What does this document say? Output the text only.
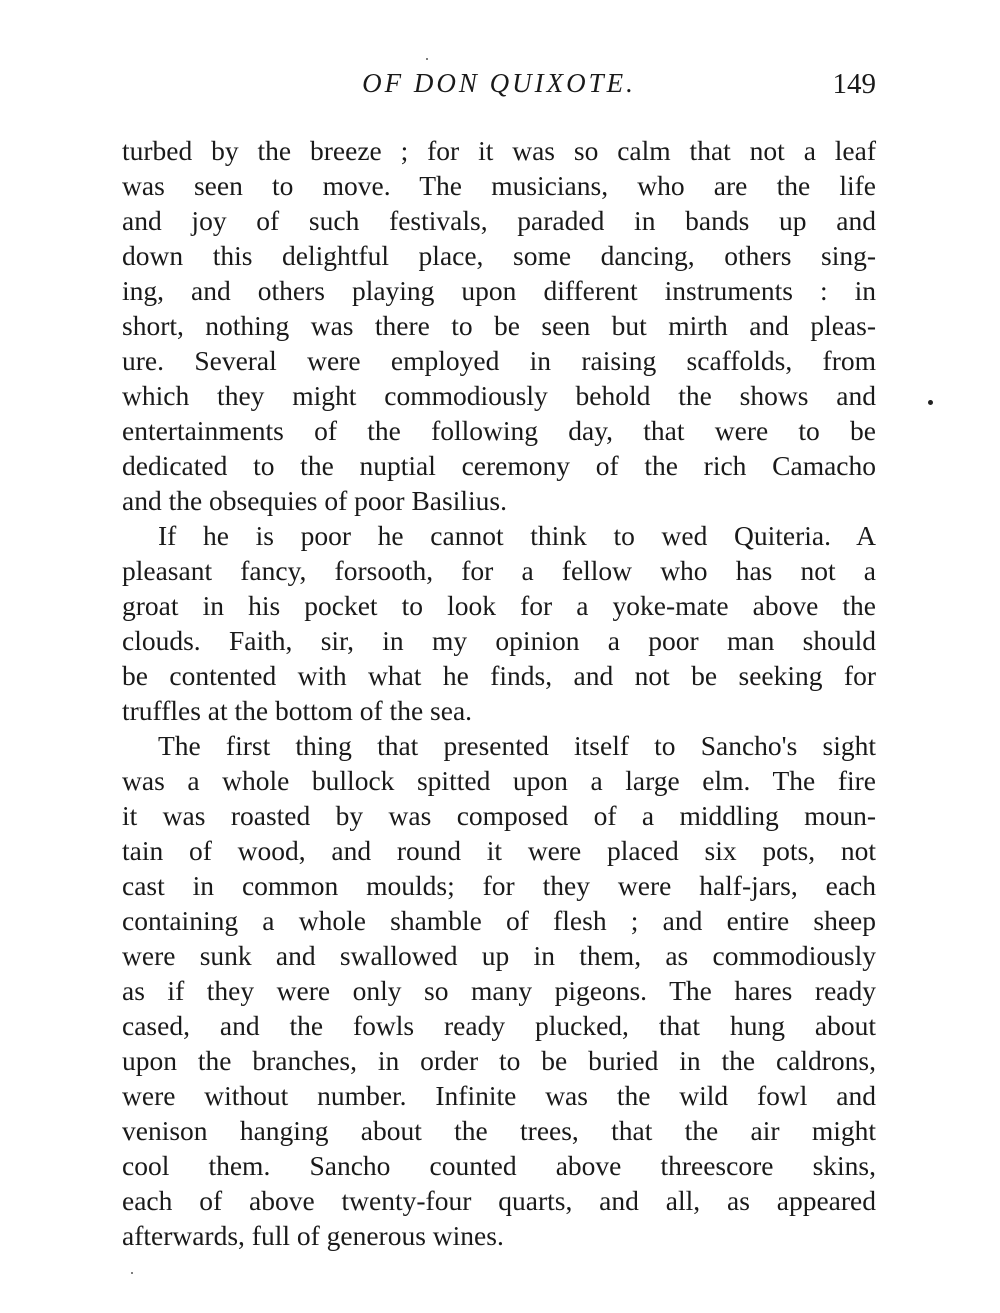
OF DON QUIXOTE.	149
turbed by the breeze ; for it was so calm that not a leaf
was seen to move. The musicians, who are the life
and joy of such festivals, paraded in bands up and
down this delightful place, some dancing, others sing-
ing, and others playing upon different instruments : in
short, nothing was there to be seen but mirth and pleas-
ure. Several were employed in raising scaffolds, from
which they might commodiously behold the shows and
entertainments of the following day, that were to be
dedicated to the nuptial ceremony of the rich Camacho
and the obsequies of poor Basilius.
If he is poor he cannot think to wed Quiteria. A
pleasant fancy, forsooth, for a fellow who has not a
groat in his pocket to look for a yoke-mate above the
clouds. Faith, sir, in my opinion a poor man should
be contented with what he finds, and not be seeking for
truffles at the bottom of the sea.
The first thing that presented itself to Sancho's sight
was a whole bullock spitted upon a large elm. The fire
it was roasted by was composed of a middling moun-
tain of wood, and round it were placed six pots, not
cast in common moulds; for they were half-jars, each
containing a whole shamble of flesh ; and entire sheep
were sunk and swallowed up in them, as commodiously
as if they were only so many pigeons. The hares ready
cased, and the fowls ready plucked, that hung about
upon the branches, in order to be buried in the caldrons,
were without number. Infinite was the wild fowl and
venison hanging about the trees, that the air might
cool them. Sancho counted above threescore skins,
each of above twenty-four quarts, and all, as appeared
afterwards, full of generous wines.
